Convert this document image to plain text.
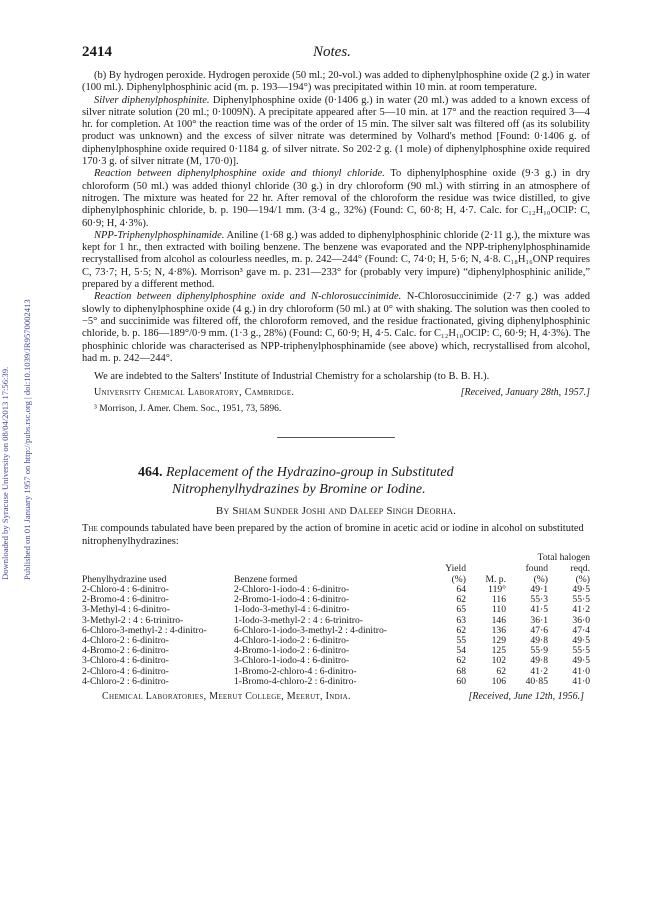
Downloaded by Syracuse University on 08/04/2013 17:56:39. Published on 01 January 1957 on http://pubs.rsc.org | doi:10.1039/JR9570002413
2414	Notes.

(b) By hydrogen peroxide. Hydrogen peroxide (50 ml.; 20-vol.) was added to diphenylphosphine oxide (2 g.) in water (100 ml.). Diphenylphosphinic acid (m. p. 193—194°) was precipitated within 10 min. at room temperature.

Silver diphenylphosphinite. Diphenylphosphine oxide (0·1406 g.) in water (20 ml.) was added to a known excess of silver nitrate solution (20 ml.; 0·1009N). A precipitate appeared after 5—10 min. at 17° and the reaction required 3—4 hr. for completion. At 100° the reaction time was of the order of 15 min. The silver salt was filtered off (as its solubility product was unknown) and the excess of silver nitrate was determined by Volhard's method [Found: 0·1406 g. of diphenylphosphine oxide required 0·1184 g. of silver nitrate. So 202·2 g. (1 mole) of diphenylphosphine oxide required 170·3 g. of silver nitrate (M, 170·0)].

Reaction between diphenylphosphine oxide and thionyl chloride. To diphenylphosphine oxide (9·3 g.) in dry chloroform (50 ml.) was added thionyl chloride (30 g.) in dry chloroform (90 ml.) with stirring in an atmosphere of nitrogen. The mixture was heated for 22 hr. After removal of the chloroform the residue was twice distilled, to give diphenylphosphinic chloride, b. p. 190—194/1 mm. (3·4 g., 32%) (Found: C, 60·8; H, 4·7. Calc. for C₁₂H₁₀OClP: C, 60·9; H, 4·3%).

NPP-Triphenylphosphinamide. Aniline (1·68 g.) was added to diphenylphosphinic chloride (2·11 g.), the mixture was kept for 1 hr., then extracted with boiling benzene. The benzene was evaporated and the NPP-triphenylphosphinamide recrystallised from alcohol as colourless needles, m. p. 242—244° (Found: C, 74·0; H, 5·6; N, 4·8. C₁₈H₁₆ONP requires C, 73·7; H, 5·5; N, 4·8%). Morrison³ gave m. p. 231—233° for (probably very impure) “diphenylphosphinic anilide,” prepared by a different method.

Reaction between diphenylphosphine oxide and N-chlorosuccinimide. N-Chlorosuccinimide (2·7 g.) was added slowly to diphenylphosphine oxide (4 g.) in dry chloroform (50 ml.) at 0° with shaking. The solution was then cooled to −5° and succinimide was filtered off, the chloroform removed, and the residue fractionated, giving diphenylphosphinic chloride, b. p. 186—189°/0·9 mm. (1·3 g., 28%) (Found: C, 60·9; H, 4·5. Calc. for C₁₂H₁₀OClP: C, 60·9; H, 4·3%). The phosphinic chloride was characterised as NPP-triphenylphosphinamide (see above) which, recrystallised from alcohol, had m. p. 242—244°.

We are indebted to the Salters' Institute of Industrial Chemistry for a scholarship (to B. B. H.).

University Chemical Laboratory, Cambridge.	[Received, January 28th, 1957.]
³ Morrison, J. Amer. Chem. Soc., 1951, 73, 5896.
464. Replacement of the Hydrazino-group in Substituted
Nitrophenylhydrazines by Bromine or Iodine.
By Shiam Sunder Joshi and Daleep Singh Deorha.

The compounds tabulated have been prepared by the action of bromine in acetic acid or iodine in alcohol on substituted nitrophenylhydrazines:

				Total halogen	
		Yield		found	reqd.
Phenylhydrazine used	Benzene formed	(%)	M. p.	(%)	(%)
2-Chloro-4 : 6-dinitro-	2-Chloro-1-iodo-4 : 6-dinitro-	64	119°	49·1	49·5
2-Bromo-4 : 6-dinitro-	2-Bromo-1-iodo-4 : 6-dinitro-	62	116	55·3	55·5
3-Methyl-4 : 6-dinitro-	1-Iodo-3-methyl-4 : 6-dinitro-	65	110	41·5	41·2
3-Methyl-2 : 4 : 6-trinitro-	1-Iodo-3-methyl-2 : 4 : 6-trinitro-	63	146	36·1	36·0
6-Chloro-3-methyl-2 : 4-dinitro-	6-Chloro-1-iodo-3-methyl-2 : 4-dinitro-	62	136	47·6	47·4
4-Chloro-2 : 6-dinitro-	4-Chloro-1-iodo-2 : 6-dinitro-	55	129	49·8	49·5
4-Bromo-2 : 6-dinitro-	4-Bromo-1-iodo-2 : 6-dinitro-	54	125	55·9	55·5
3-Chloro-4 : 6-dinitro-	3-Chloro-1-iodo-4 : 6-dinitro-	62	102	49·8	49·5
2-Chloro-4 : 6-dinitro-	1-Bromo-2-chloro-4 : 6-dinitro-	68	62	41·2	41·0
4-Chloro-2 : 6-dinitro-	1-Bromo-4-chloro-2 : 6-dinitro-	60	106	40·85	41·0
Chemical Laboratories, Meerut College, Meerut, India.	[Received, June 12th, 1956.]
